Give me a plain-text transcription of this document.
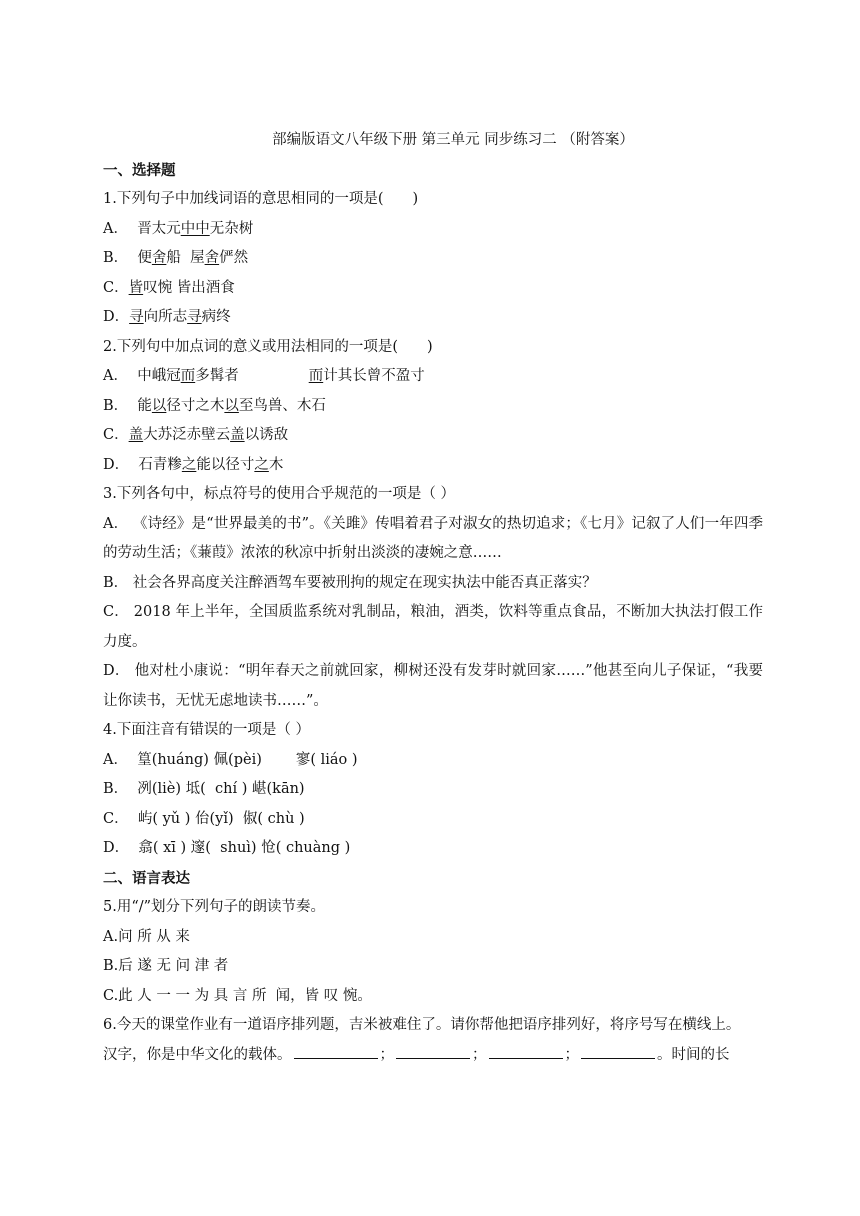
部编版语文八年级下册 第三单元 同步练习二 （附答案）
一、选择题
1.下列句子中加线词语的意思相同的一项是(　　)
A．  晋太元中中无杂树
B．  便舍船  屋舍俨然
C．皆叹惋 皆出酒食
D．寻向所志寻病终
2.下列句中加点词的意义或用法相同的一项是(　　)
A．  中峨冠而多髯者	而计其长曾不盈寸
B．  能以径寸之木以至鸟兽、木石
C．盖大苏泛赤壁云盖以诱敌
D．  石青糁之能以径寸之木
3.下列各句中，标点符号的使用合乎规范的一项是（ ）
A． 《诗经》是“世界最美的书”。《关雎》传唱着君子对淑女的热切追求；《七月》记叙了人们一年四季的劳动生活；《蒹葭》浓浓的秋凉中折射出淡淡的凄婉之意……
B． 社会各界高度关注醉酒驾车要被刑拘的规定在现实执法中能否真正落实？
C． 2018 年上半年，全国质监系统对乳制品，粮油，酒类，饮料等重点食品，不断加大执法打假工作力度。
D． 他对杜小康说：“明年春天之前就回家，柳树还没有发芽时就回家……”他甚至向儿子保证，“我要让你读书，无忧无虑地读书……”。
4.下面注音有错误的一项是（ ）
A．  篁(huáng) 佩(pèi) 寥( liáo )
B．  冽(liè) 坻(  chí ) 嵁(kān)
C．  屿( yǔ ) 佁(yǐ)  俶( chù )
D．  翕( xī ) 邃(  shuì) 怆( chuàng )
二、语言表达
5.用“/”划分下列句子的朗读节奏。
A.问 所 从 来
B.后 遂 无 问 津 者
C.此 人 一 一 为 具 言 所  闻，皆 叹 惋。
6.今天的课堂作业有一道语序排列题，吉米被难住了。请你帮他把语序排列好，将序号写在横线上。
汉字，你是中华文化的载体。	；	；	；	。时间的长
